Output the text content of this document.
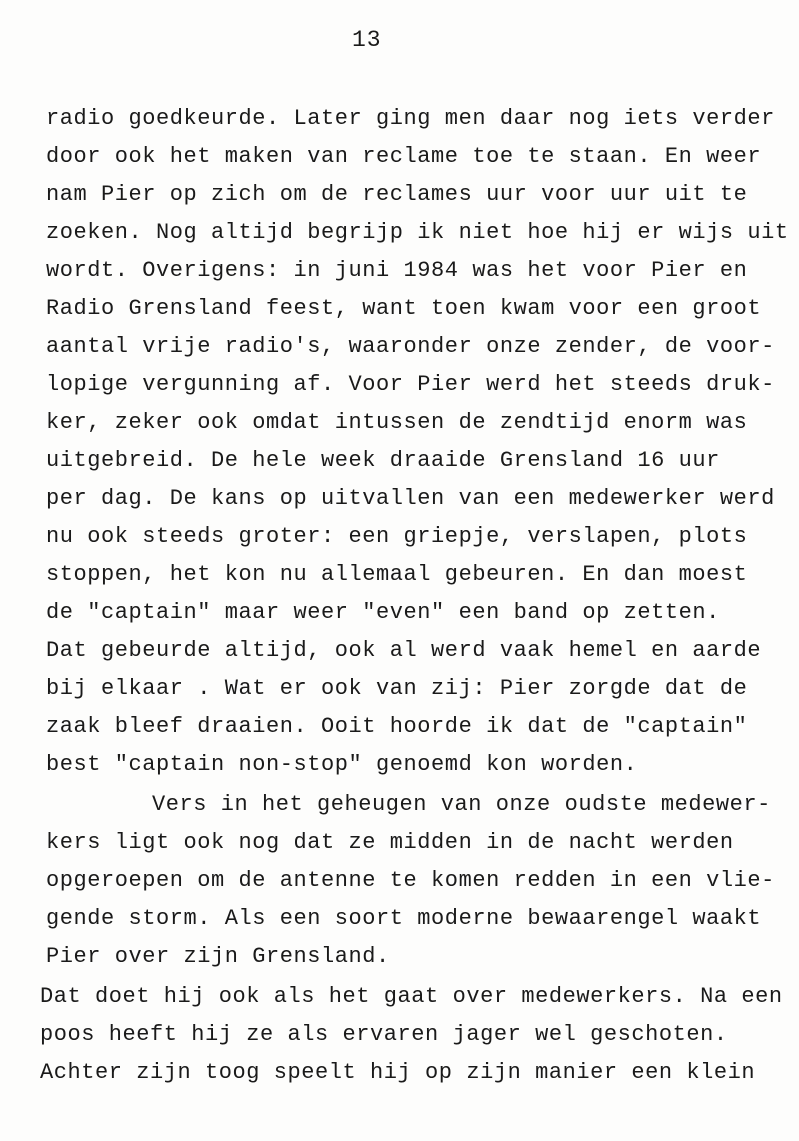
13
radio goedkeurde. Later ging men daar nog iets verder
door ook het maken van reclame toe te staan. En weer
nam Pier op zich om de reclames uur voor uur uit te
zoeken. Nog altijd begrijp ik niet hoe hij er wijs uit
wordt. Overigens: in juni 1984 was het voor Pier en
Radio Grensland feest, want toen kwam voor een groot
aantal vrije radio's, waaronder onze zender, de voor-
lopige vergunning af. Voor Pier werd het steeds druk-
ker, zeker ook omdat intussen de zendtijd enorm was
uitgebreid. De hele week draaide Grensland 16 uur
per dag. De kans op uitvallen van een medewerker werd
nu ook steeds groter: een griepje, verslapen, plots
stoppen, het kon nu allemaal gebeuren. En dan moest
de "captain" maar weer "even" een band op zetten.
Dat gebeurde altijd, ook al werd vaak hemel en aarde
bij elkaar . Wat er ook van zij: Pier zorgde dat de
zaak bleef draaien. Ooit hoorde ik dat de "captain"
best "captain non-stop" genoemd kon worden.
Vers in het geheugen van onze oudste medewer-
kers ligt ook nog dat ze midden in de nacht werden
opgeroepen om de antenne te komen redden in een vlie-
gende storm. Als een soort moderne bewaarengel waakt
Pier over zijn Grensland.
Dat doet hij ook als het gaat over medewerkers. Na een
poos heeft hij ze als ervaren jager wel geschoten.
Achter zijn toog speelt hij op zijn manier een klein
